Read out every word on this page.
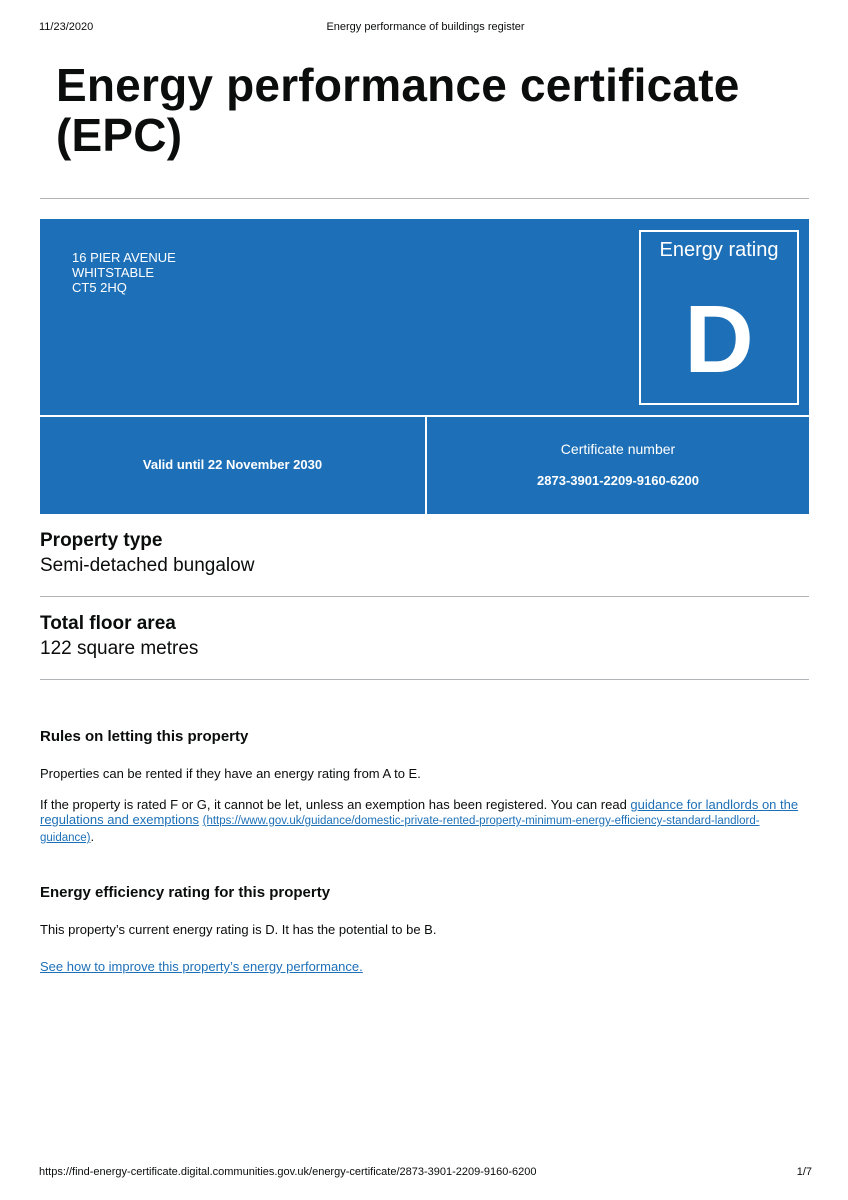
11/23/2020	Energy performance of buildings register
Energy performance certificate (EPC)
16 PIER AVENUE
WHITSTABLE
CT5 2HQ
Energy rating
D
Valid until 22 November 2030
Certificate number
2873-3901-2209-9160-6200
Property type
Semi-detached bungalow
Total floor area
122 square metres
Rules on letting this property

Properties can be rented if they have an energy rating from A to E.

If the property is rated F or G, it cannot be let, unless an exemption has been registered. You can read guidance for landlords on the regulations and exemptions (https://www.gov.uk/guidance/domestic-private-rented-property-minimum-energy-efficiency-standard-landlord-guidance).

Energy efficiency rating for this property

This property’s current energy rating is D. It has the potential to be B.

See how to improve this property’s energy performance.

https://find-energy-certificate.digital.communities.gov.uk/energy-certificate/2873-3901-2209-9160-6200	1/7
